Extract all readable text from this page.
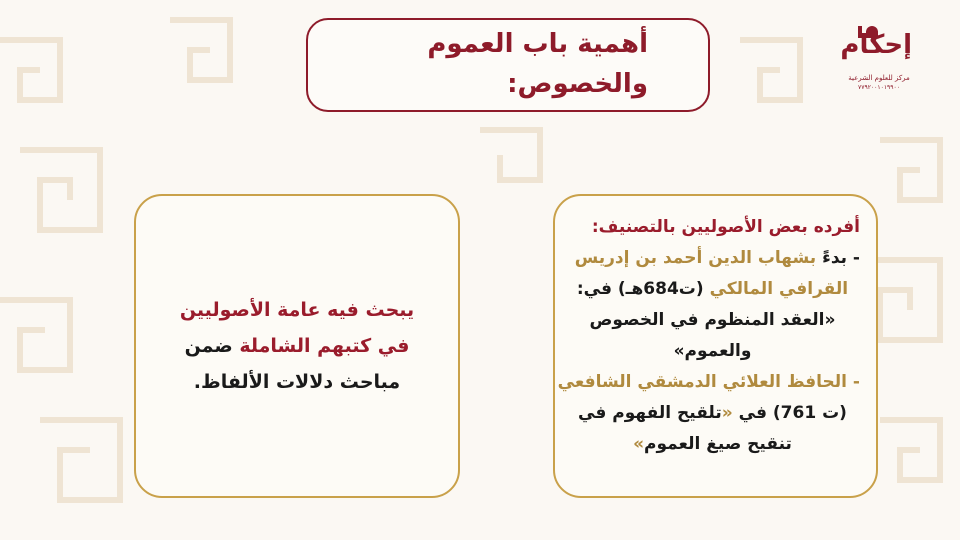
إحكام
مركز للعلوم الشرعية
٧٧٩٢٠٠١٠١٩٩٠٠
أهمية باب العموم
والخصوص:
يبحث فيه عامة الأصوليين
في كتبهم الشاملة ضمن
مباحث دلالات الألفاظ.
أفرده بعض الأصوليين بالتصنيف:
- بدءً بشهاب الدين أحمد بن إدريس
القرافي المالكي (ت684هـ) في:
«العقد المنظوم في الخصوص
والعموم»
- الحافظ العلائي الدمشقي الشافعي
(ت 761) في «تلقيح الفهوم في
تنقيح صيغ العموم»
